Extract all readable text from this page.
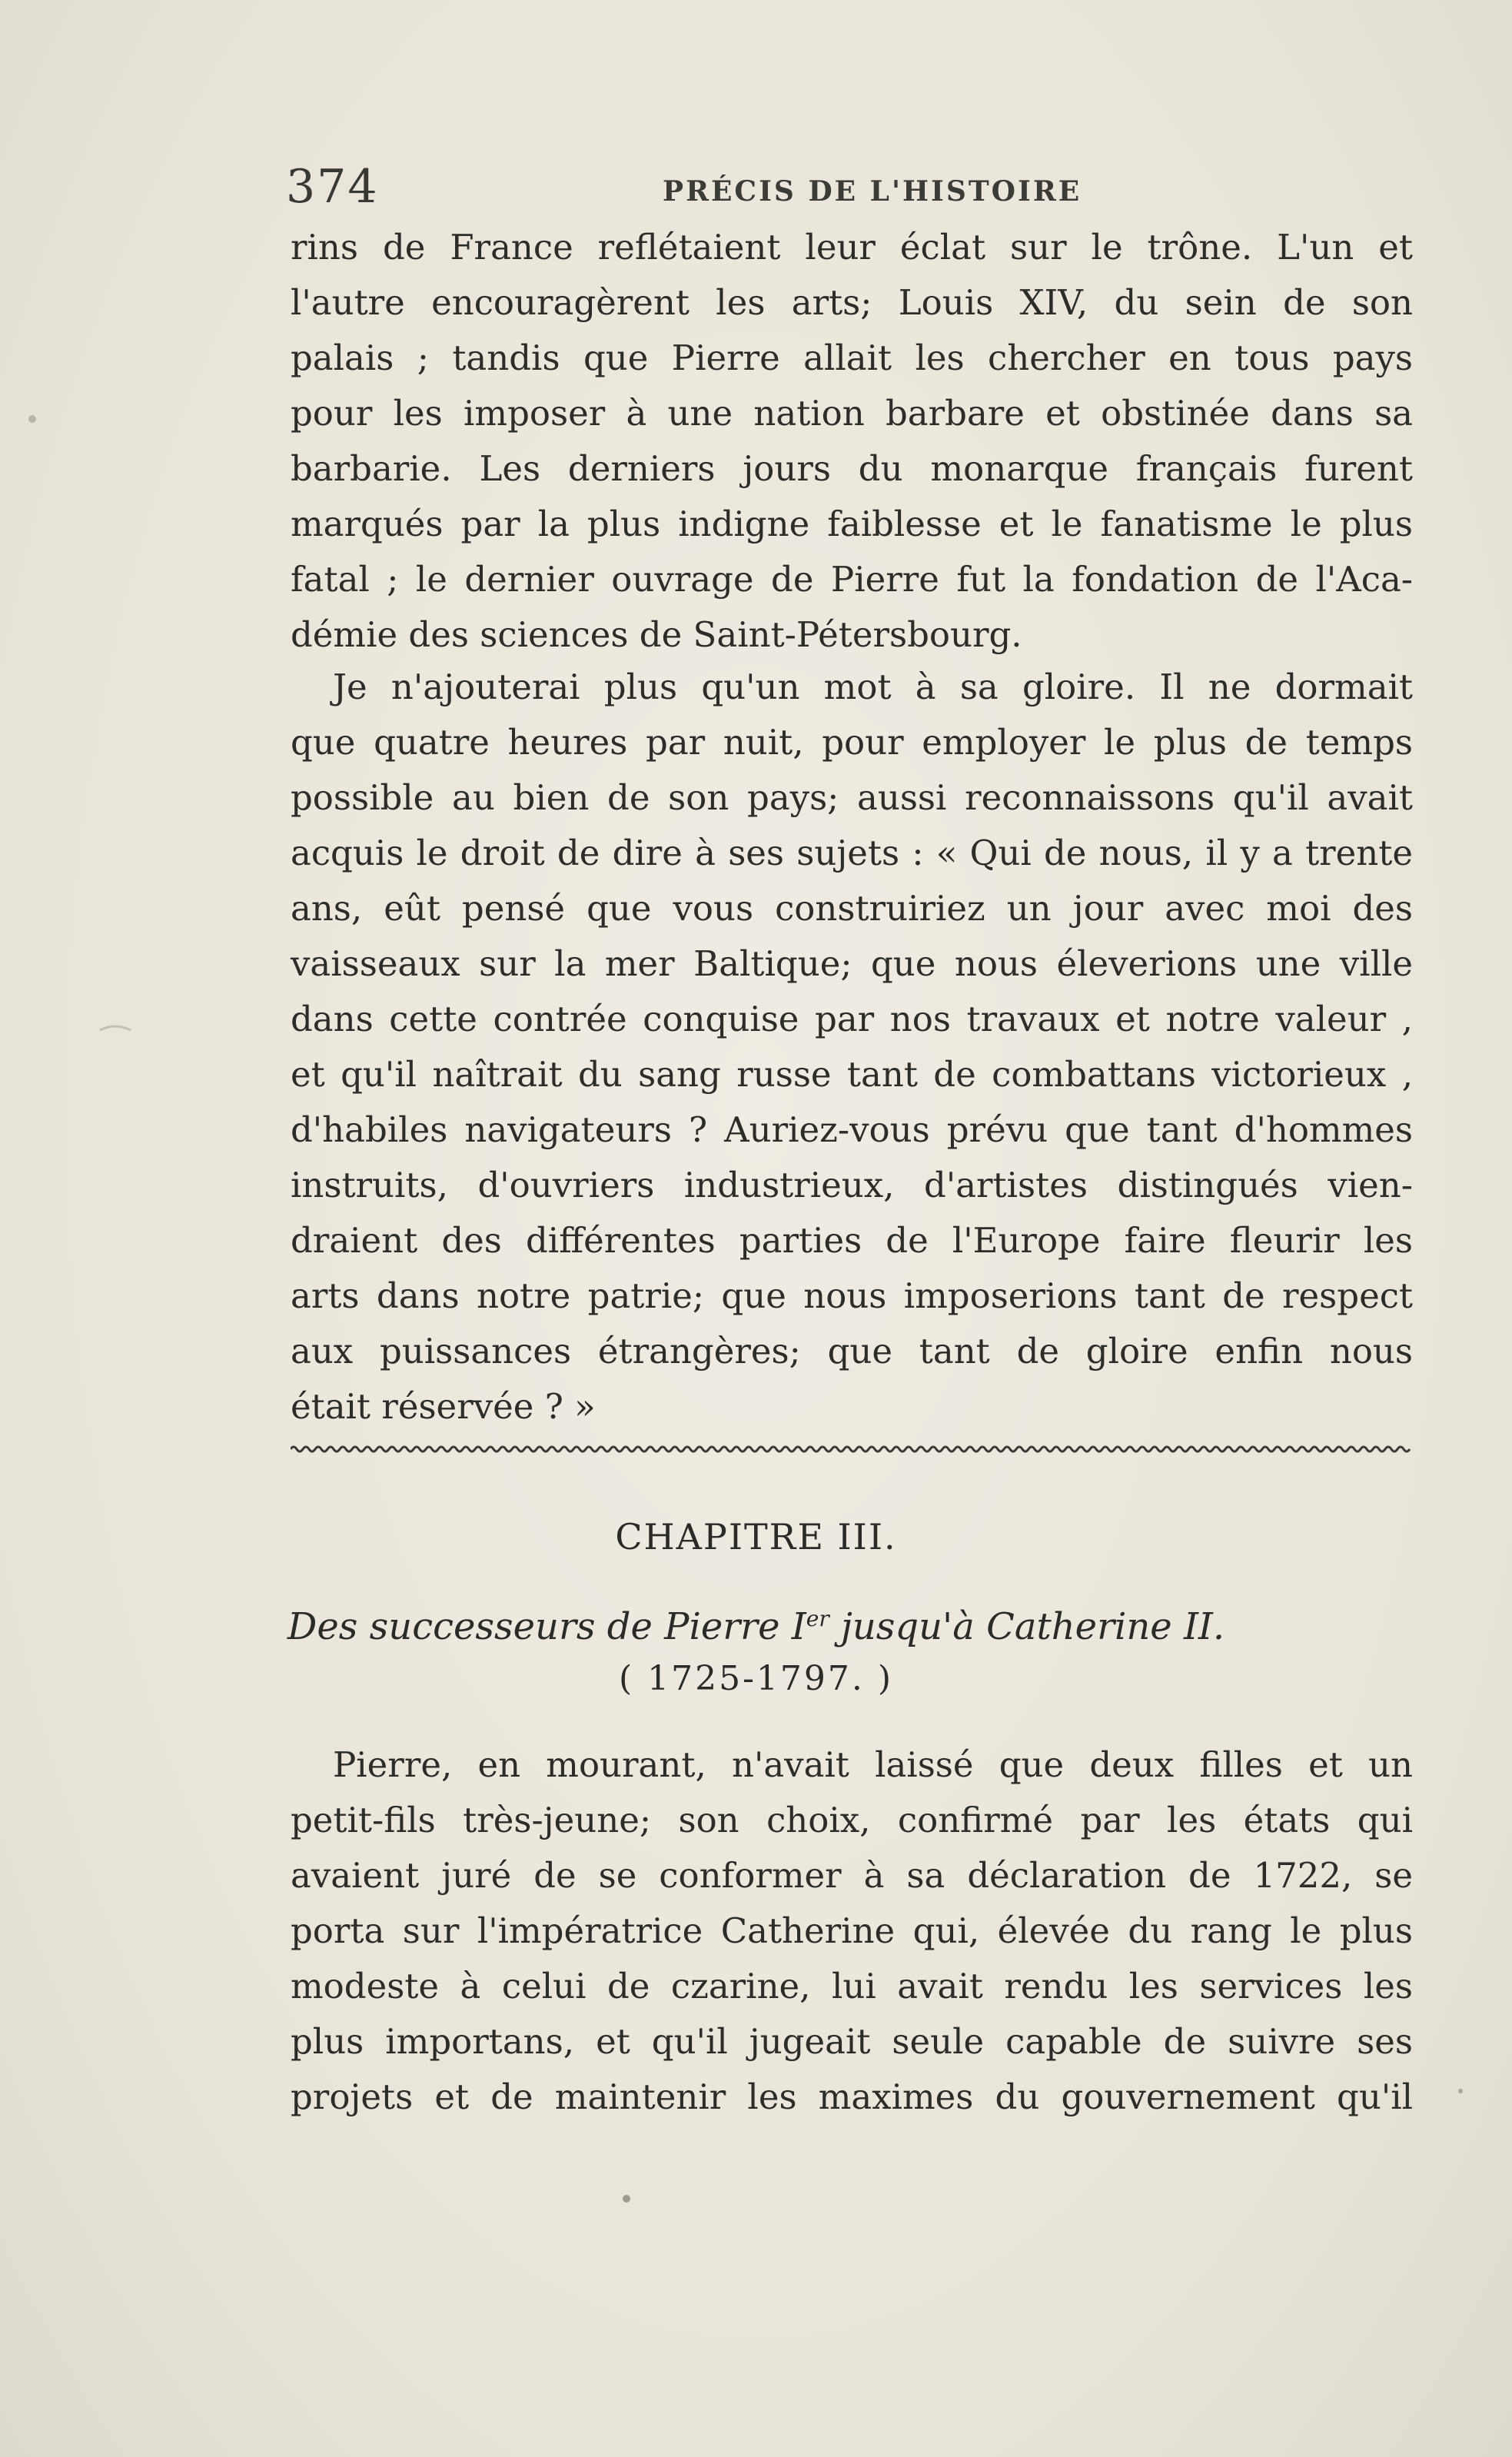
374	PRÉCIS DE L'HISTOIRE
rins de France reflétaient leur éclat sur le trône. L'un et
l'autre encouragèrent les arts; Louis XIV, du sein de son
palais ; tandis que Pierre allait les chercher en tous pays
pour les imposer à une nation barbare et obstinée dans sa
barbarie. Les derniers jours du monarque français furent
marqués par la plus indigne faiblesse et le fanatisme le plus
fatal ; le dernier ouvrage de Pierre fut la fondation de l'Aca-
démie des sciences de Saint-Pétersbourg.
Je n'ajouterai plus qu'un mot à sa gloire. Il ne dormait
que quatre heures par nuit, pour employer le plus de temps
possible au bien de son pays; aussi reconnaissons qu'il avait
acquis le droit de dire à ses sujets : « Qui de nous, il y a trente
ans, eût pensé que vous construiriez un jour avec moi des
vaisseaux sur la mer Baltique; que nous éleverions une ville
dans cette contrée conquise par nos travaux et notre valeur ,
et qu'il naîtrait du sang russe tant de combattans victorieux ,
d'habiles navigateurs ? Auriez-vous prévu que tant d'hommes
instruits, d'ouvriers industrieux, d'artistes distingués vien-
draient des différentes parties de l'Europe faire fleurir les
arts dans notre patrie; que nous imposerions tant de respect
aux puissances étrangères; que tant de gloire enfin nous
était réservée ? »
CHAPITRE III.
Des successeurs de Pierre Ier jusqu'à Catherine II.
( 1725-1797. )
Pierre, en mourant, n'avait laissé que deux filles et un
petit-fils très-jeune; son choix, confirmé par les états qui
avaient juré de se conformer à sa déclaration de 1722, se
porta sur l'impératrice Catherine qui, élevée du rang le plus
modeste à celui de czarine, lui avait rendu les services les
plus importans, et qu'il jugeait seule capable de suivre ses
projets et de maintenir les maximes du gouvernement qu'il
